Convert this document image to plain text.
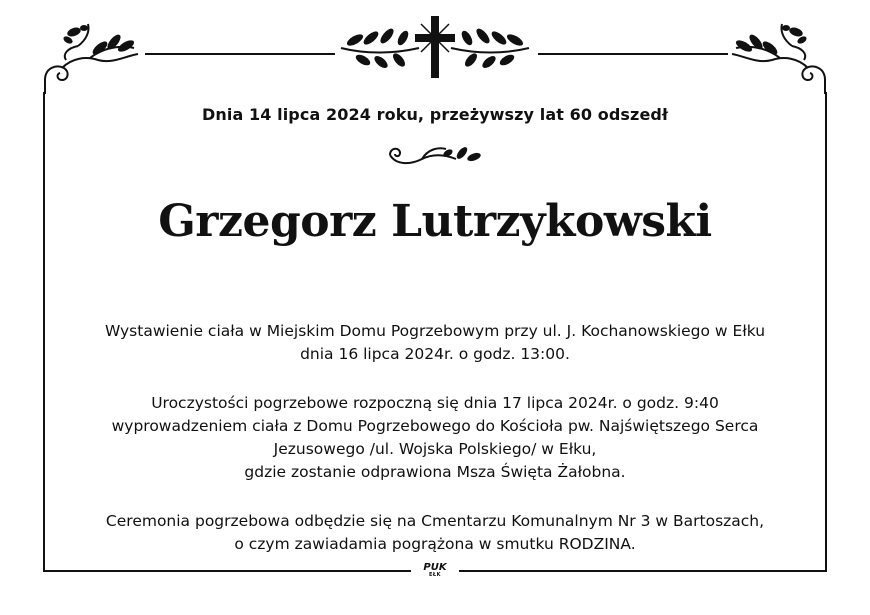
Dnia 14 lipca 2024 roku, przeżywszy lat 60 odszedł
Grzegorz Lutrzykowski
Wystawienie ciała w Miejskim Domu Pogrzebowym przy ul. J. Kochanowskiego w Ełku
dnia 16 lipca 2024r. o godz. 13:00.
Uroczystości pogrzebowe rozpoczną się dnia 17 lipca 2024r. o godz. 9:40
wyprowadzeniem ciała z Domu Pogrzebowego do Kościoła pw. Najświętszego Serca
Jezusowego /ul. Wojska Polskiego/ w Ełku,
gdzie zostanie odprawiona Msza Święta Żałobna.
Ceremonia pogrzebowa odbędzie się na Cmentarzu Komunalnym Nr 3 w Bartoszach,
o czym zawiadamia pogrążona w smutku RODZINA.
PUK
EŁK
